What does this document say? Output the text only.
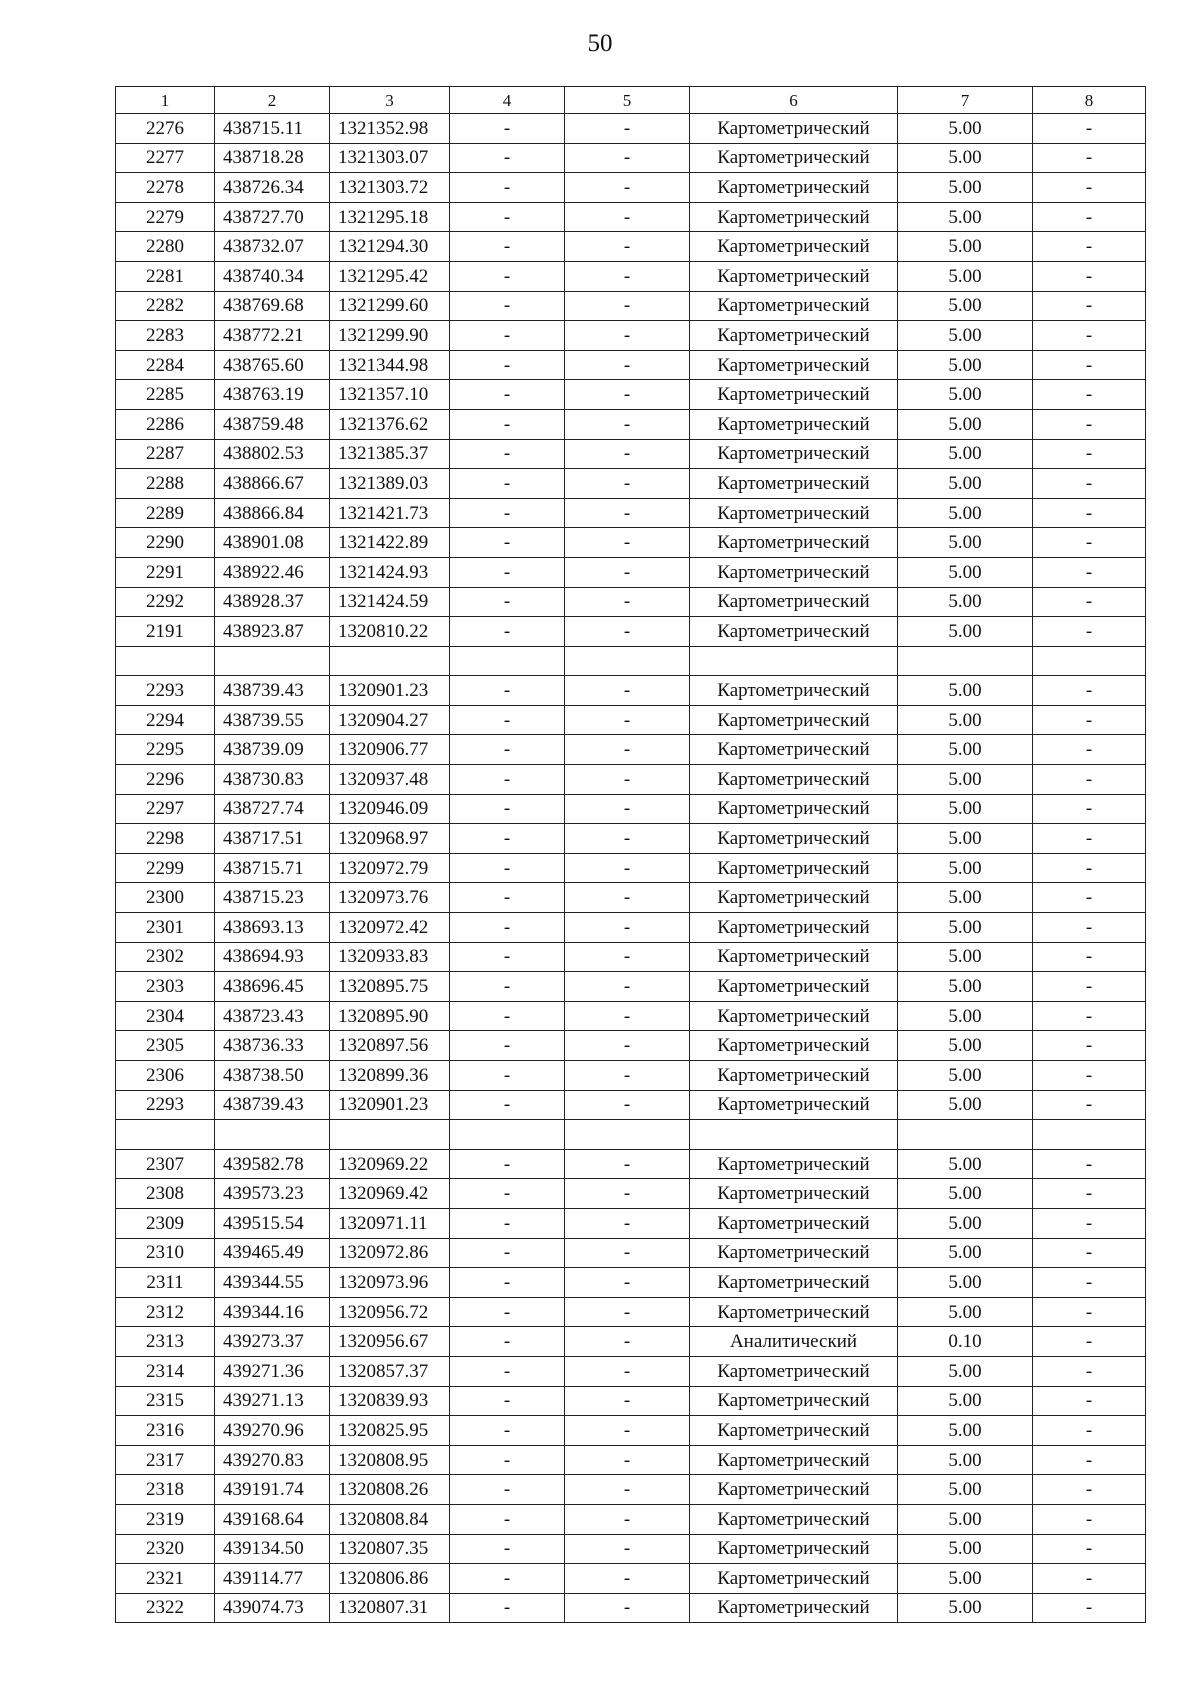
50
1	2	3	4	5	6	7	8
2276	438715.11	1321352.98	-	-	Картометрический	5.00	-
2277	438718.28	1321303.07	-	-	Картометрический	5.00	-
2278	438726.34	1321303.72	-	-	Картометрический	5.00	-
2279	438727.70	1321295.18	-	-	Картометрический	5.00	-
2280	438732.07	1321294.30	-	-	Картометрический	5.00	-
2281	438740.34	1321295.42	-	-	Картометрический	5.00	-
2282	438769.68	1321299.60	-	-	Картометрический	5.00	-
2283	438772.21	1321299.90	-	-	Картометрический	5.00	-
2284	438765.60	1321344.98	-	-	Картометрический	5.00	-
2285	438763.19	1321357.10	-	-	Картометрический	5.00	-
2286	438759.48	1321376.62	-	-	Картометрический	5.00	-
2287	438802.53	1321385.37	-	-	Картометрический	5.00	-
2288	438866.67	1321389.03	-	-	Картометрический	5.00	-
2289	438866.84	1321421.73	-	-	Картометрический	5.00	-
2290	438901.08	1321422.89	-	-	Картометрический	5.00	-
2291	438922.46	1321424.93	-	-	Картометрический	5.00	-
2292	438928.37	1321424.59	-	-	Картометрический	5.00	-
2191	438923.87	1320810.22	-	-	Картометрический	5.00	-

2293	438739.43	1320901.23	-	-	Картометрический	5.00	-
2294	438739.55	1320904.27	-	-	Картометрический	5.00	-
2295	438739.09	1320906.77	-	-	Картометрический	5.00	-
2296	438730.83	1320937.48	-	-	Картометрический	5.00	-
2297	438727.74	1320946.09	-	-	Картометрический	5.00	-
2298	438717.51	1320968.97	-	-	Картометрический	5.00	-
2299	438715.71	1320972.79	-	-	Картометрический	5.00	-
2300	438715.23	1320973.76	-	-	Картометрический	5.00	-
2301	438693.13	1320972.42	-	-	Картометрический	5.00	-
2302	438694.93	1320933.83	-	-	Картометрический	5.00	-
2303	438696.45	1320895.75	-	-	Картометрический	5.00	-
2304	438723.43	1320895.90	-	-	Картометрический	5.00	-
2305	438736.33	1320897.56	-	-	Картометрический	5.00	-
2306	438738.50	1320899.36	-	-	Картометрический	5.00	-
2293	438739.43	1320901.23	-	-	Картометрический	5.00	-

2307	439582.78	1320969.22	-	-	Картометрический	5.00	-
2308	439573.23	1320969.42	-	-	Картометрический	5.00	-
2309	439515.54	1320971.11	-	-	Картометрический	5.00	-
2310	439465.49	1320972.86	-	-	Картометрический	5.00	-
2311	439344.55	1320973.96	-	-	Картометрический	5.00	-
2312	439344.16	1320956.72	-	-	Картометрический	5.00	-
2313	439273.37	1320956.67	-	-	Аналитический	0.10	-
2314	439271.36	1320857.37	-	-	Картометрический	5.00	-
2315	439271.13	1320839.93	-	-	Картометрический	5.00	-
2316	439270.96	1320825.95	-	-	Картометрический	5.00	-
2317	439270.83	1320808.95	-	-	Картометрический	5.00	-
2318	439191.74	1320808.26	-	-	Картометрический	5.00	-
2319	439168.64	1320808.84	-	-	Картометрический	5.00	-
2320	439134.50	1320807.35	-	-	Картометрический	5.00	-
2321	439114.77	1320806.86	-	-	Картометрический	5.00	-
2322	439074.73	1320807.31	-	-	Картометрический	5.00	-
